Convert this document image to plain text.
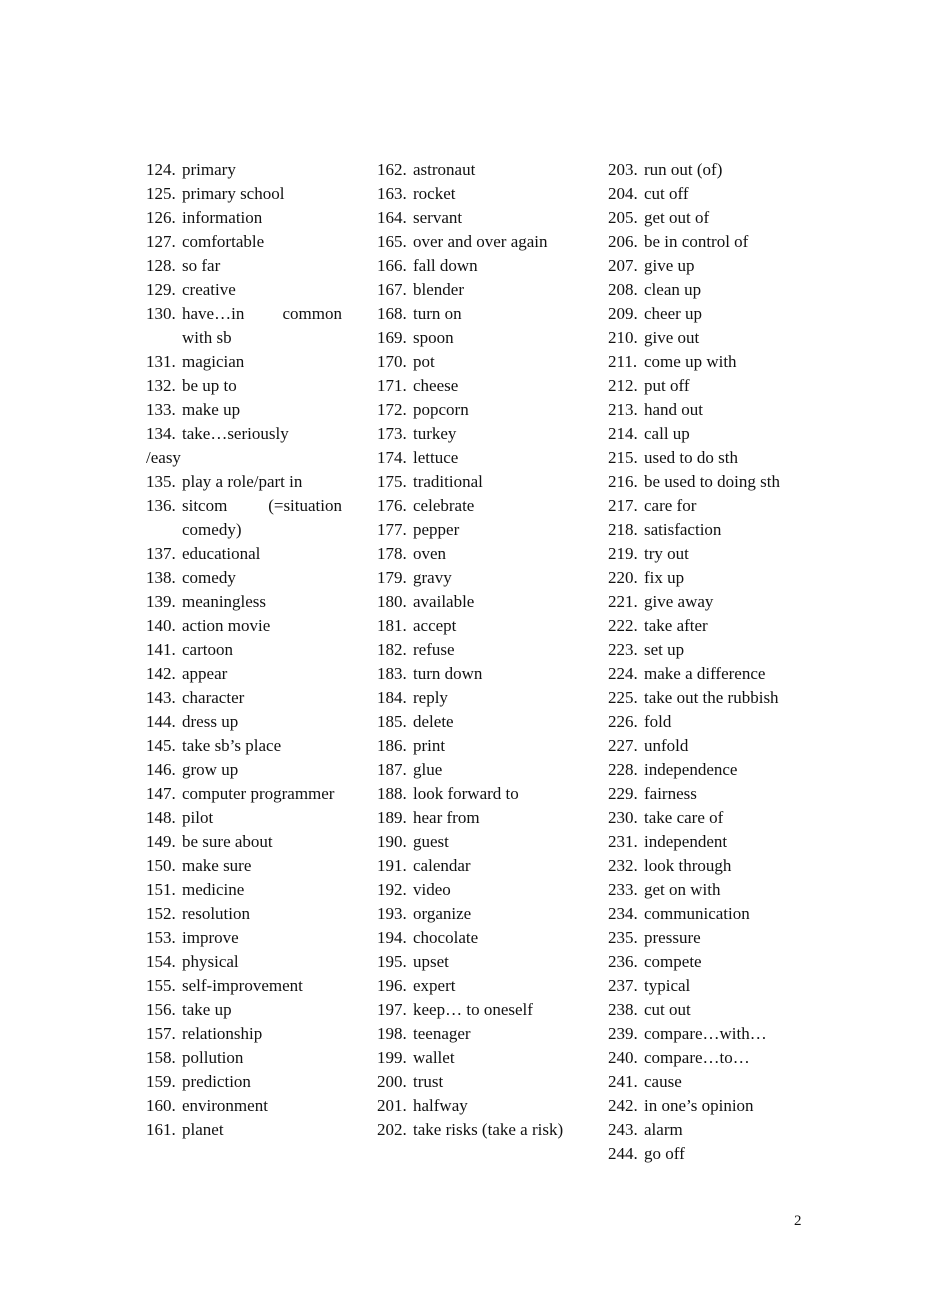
124. primary
125. primary school
126. information
127. comfortable
128. so far
129. creative
130. have…in common with sb
131. magician
132. be up to
133. make up
134. take…seriously
/easy
135. play a role/part in
136. sitcom (=situation comedy)
137. educational
138. comedy
139. meaningless
140. action movie
141. cartoon
142. appear
143. character
144. dress up
145. take sb’s place
146. grow up
147. computer programmer
148. pilot
149. be sure about
150. make sure
151. medicine
152. resolution
153. improve
154. physical
155. self-improvement
156. take up
157. relationship
158. pollution
159. prediction
160. environment
161. planet
162. astronaut
163. rocket
164. servant
165. over and over again
166. fall down
167. blender
168. turn on
169. spoon
170. pot
171. cheese
172. popcorn
173. turkey
174. lettuce
175. traditional
176. celebrate
177. pepper
178. oven
179. gravy
180. available
181. accept
182. refuse
183. turn down
184. reply
185. delete
186. print
187. glue
188. look forward to
189. hear from
190. guest
191. calendar
192. video
193. organize
194. chocolate
195. upset
196. expert
197. keep… to oneself
198. teenager
199. wallet
200. trust
201. halfway
202. take risks (take a risk)
203. run out (of)
204. cut off
205. get out of
206. be in control of
207. give up
208. clean up
209. cheer up
210. give out
211. come up with
212. put off
213. hand out
214. call up
215. used to do sth
216. be used to doing sth
217. care for
218. satisfaction
219. try out
220. fix up
221. give away
222. take after
223. set up
224. make a difference
225. take out the rubbish
226. fold
227. unfold
228. independence
229. fairness
230. take care of
231. independent
232. look through
233. get on with
234. communication
235. pressure
236. compete
237. typical
238. cut out
239. compare…with…
240. compare…to…
241. cause
242. in one’s opinion
243. alarm
244. go off
2
